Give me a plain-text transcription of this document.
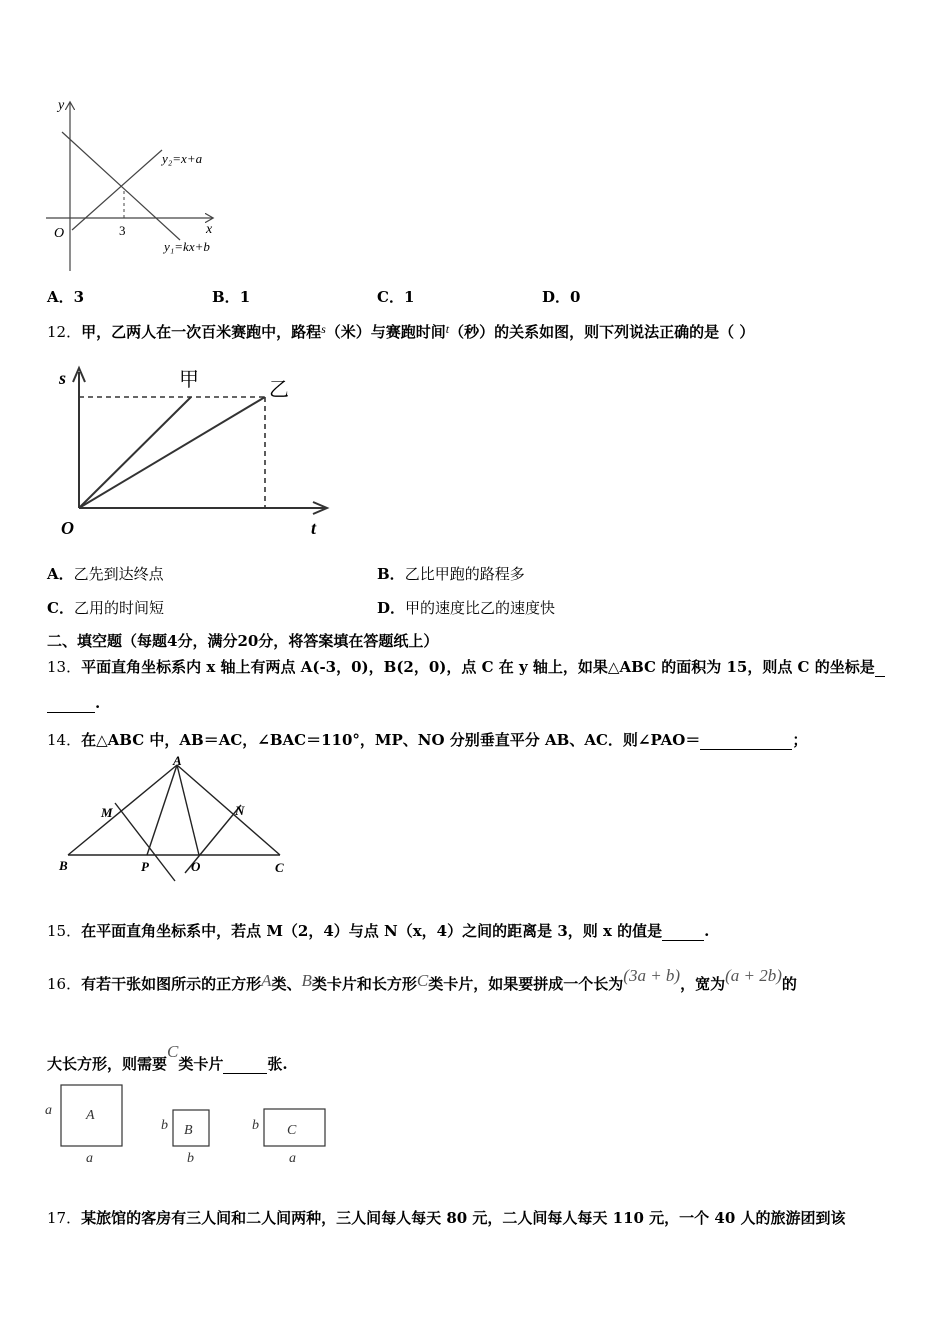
y
x
O	3
y₂=x+a
y₁=kx+b
A．3	B．1	C．1	D．0
12．甲，乙两人在一次百米赛跑中，路程$^s$（米）与赛跑时间$^t$（秒）的关系如图，则下列说法正确的是（ ）
s
t
O
甲	乙
A．乙先到达终点	B．乙比甲跑的路程多
C．乙用的时间短	D．甲的速度比乙的速度快
二、填空题（每题4分，满分20分，将答案填在答题纸上）
13．平面直角坐标系内 x 轴上有两点 A(-3，0)，B(2，0)，点 C 在 y 轴上，如果△ABC 的面积为 15，则点 C 的坐标是
.
14．在△ABC 中，AB＝AC，∠BAC＝110°，MP、NO 分别垂直平分 AB、AC．则∠PAO＝	；
A
B	C
M	N
P	O
15．在平面直角坐标系中，若点 M（2，4）与点 N（x，4）之间的距离是 3，则 x 的值是	.
16．有若干张如图所示的正方形A类、B类卡片和长方形C类卡片，如果要拼成一个长为(3a + b)，宽为(a + 2b)的
大长方形，则需要C类卡片	张.
a A
a
b B
b
b C
a
17．某旅馆的客房有三人间和二人间两种，三人间每人每天 80 元，二人间每人每天 110 元，一个 40 人的旅游团到该
